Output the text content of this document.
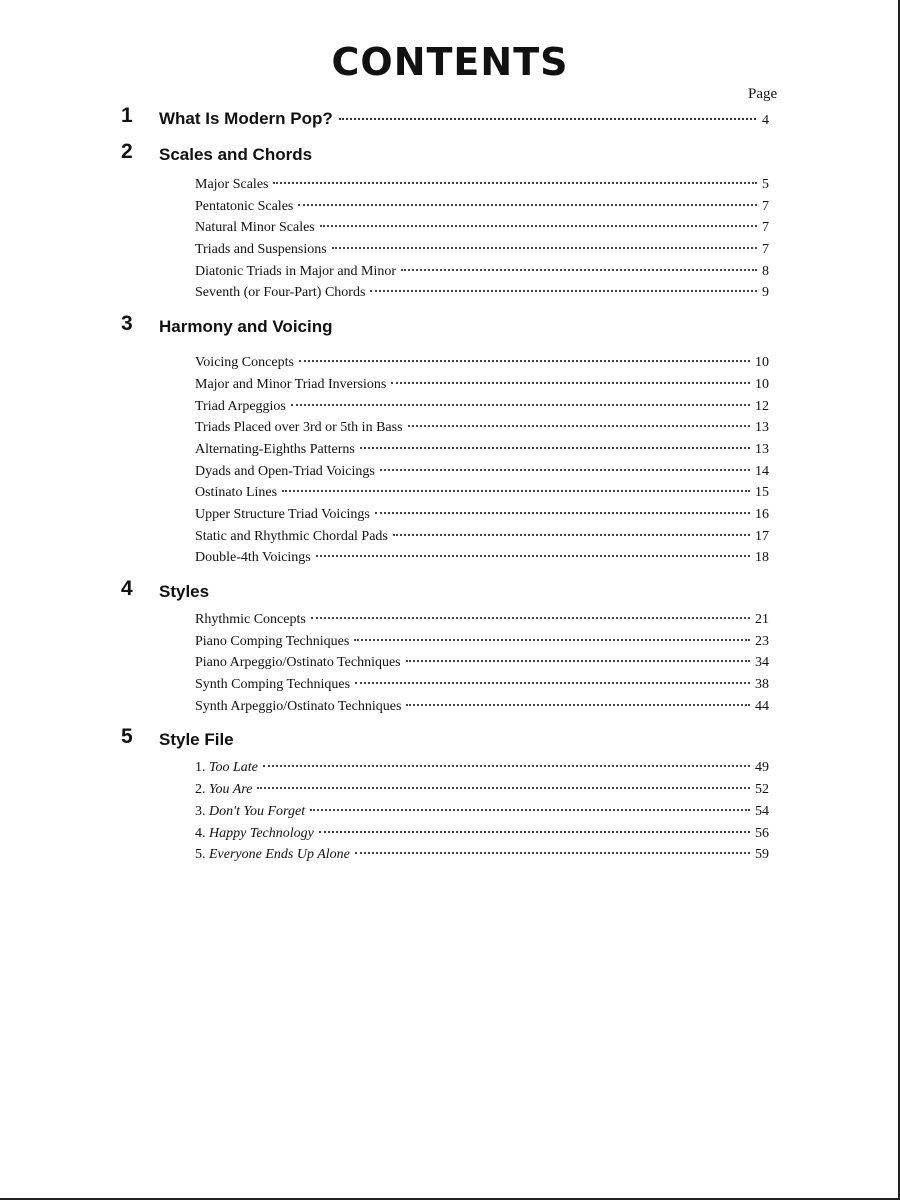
CONTENTS
Page
1 What Is Modern Pop?	4
2 Scales and Chords
Major Scales	5
Pentatonic Scales	7
Natural Minor Scales	7
Triads and Suspensions	7
Diatonic Triads in Major and Minor	8
Seventh (or Four-Part) Chords	9
3 Harmony and Voicing
Voicing Concepts	10
Major and Minor Triad Inversions	10
Triad Arpeggios	12
Triads Placed over 3rd or 5th in Bass	13
Alternating-Eighths Patterns	13
Dyads and Open-Triad Voicings	14
Ostinato Lines	15
Upper Structure Triad Voicings	16
Static and Rhythmic Chordal Pads	17
Double-4th Voicings	18
4 Styles
Rhythmic Concepts	21
Piano Comping Techniques	23
Piano Arpeggio/Ostinato Techniques	34
Synth Comping Techniques	38
Synth Arpeggio/Ostinato Techniques	44
5 Style File
1. Too Late	49
2. You Are	52
3. Don't You Forget	54
4. Happy Technology	56
5. Everyone Ends Up Alone	59
